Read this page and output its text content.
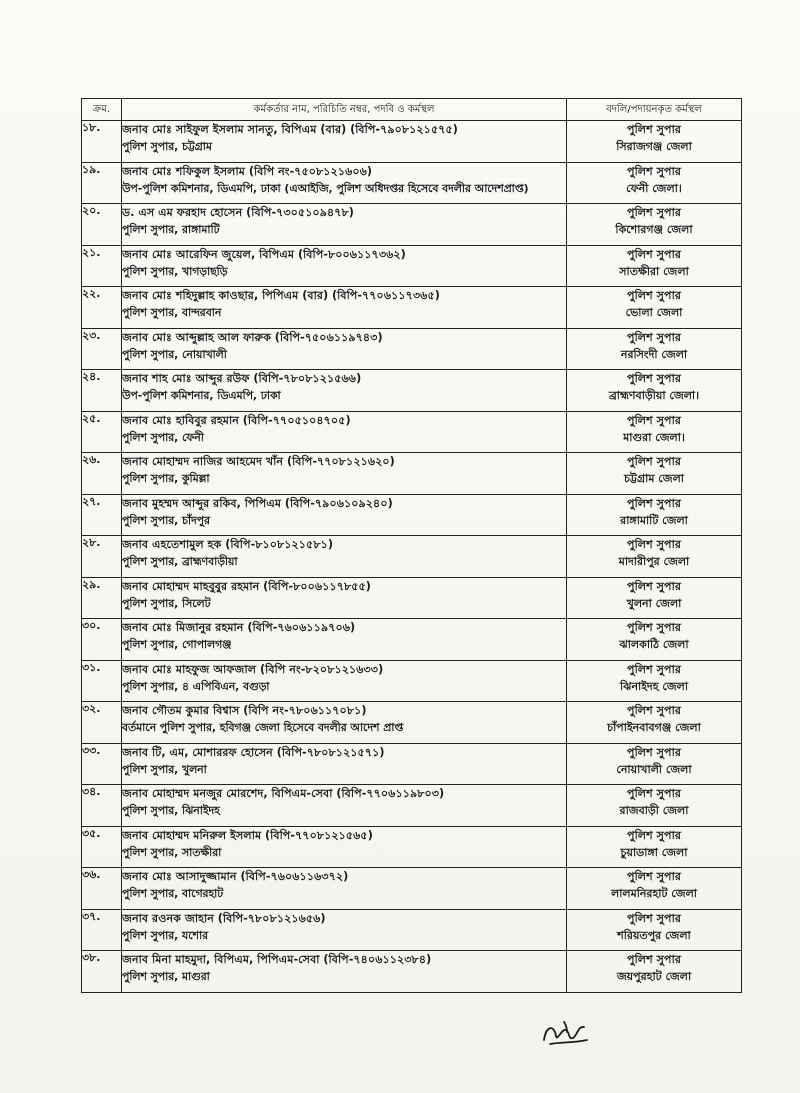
ক্রম.	কর্মকর্তার নাম, পরিচিতি নম্বর, পদবি ও কর্মস্থল	বদলি/পদায়নকৃত কর্মস্থল
১৮.	জনাব মোঃ সাইফুল ইসলাম সানতু, বিপিএম (বার) (বিপি-৭৯০৮১২১৫৭৫)
পুলিশ সুপার, চট্টগ্রাম	পুলিশ সুপার
সিরাজগঞ্জ জেলা

১৯.	জনাব মোঃ শফিকুল ইসলাম (বিপি নং-৭৫০৮১২১৬০৬)
উপ-পুলিশ কমিশনার, ডিএমপি, ঢাকা (এআইজি, পুলিশ অধিদপ্তর হিসেবে বদলীর আদেশপ্রাপ্ত)	পুলিশ সুপার
ফেনী জেলা।

২০.	ড. এস এম ফরহাদ হোসেন (বিপি-৭৩০৫১০৯৪৭৮)
পুলিশ সুপার, রাঙ্গামাটি	পুলিশ সুপার
কিশোরগঞ্জ জেলা

২১.	জনাব মোঃ আরেফিন জুয়েল, বিপিএম (বিপি-৮০০৬১১৭৩৬২)
পুলিশ সুপার, খাগড়াছড়ি	পুলিশ সুপার
সাতক্ষীরা জেলা

২২.	জনাব মোঃ শহিদুল্লাহ কাওছার, পিপিএম (বার) (বিপি-৭৭০৬১১৭৩৬৫)
পুলিশ সুপার, বান্দরবান	পুলিশ সুপার
ভোলা জেলা

২৩.	জনাব মোঃ আব্দুল্লাহ আল ফারুক (বিপি-৭৫০৬১১৯৭৪৩)
পুলিশ সুপার, নোয়াখালী	পুলিশ সুপার
নরসিংদী জেলা

২৪.	জনাব শাহ মোঃ আব্দুর রউফ (বিপি-৭৮০৮১২১৫৬৬)
উপ-পুলিশ কমিশনার, ডিএমপি, ঢাকা	পুলিশ সুপার
ব্রাহ্মণবাড়ীয়া জেলা।

২৫.	জনাব মোঃ হাবিবুর রহমান (বিপি-৭৭০৫১০৪৭০৫)
পুলিশ সুপার, ফেনী	পুলিশ সুপার
মাগুরা জেলা।

২৬.	জনাব মোহাম্মদ নাজির আহমেদ খাঁন (বিপি-৭৭০৮১২১৬২০)
পুলিশ সুপার, কুমিল্লা	পুলিশ সুপার
চট্টগ্রাম জেলা

২৭.	জনাব মুহম্মদ আব্দুর রকিব, পিপিএম (বিপি-৭৯০৬১০৯২৪০)
পুলিশ সুপার, চাঁদপুর	পুলিশ সুপার
রাঙ্গামাটি জেলা

২৮.	জনাব এহতেশামুল হক (বিপি-৮১০৮১২১৫৮১)
পুলিশ সুপার, ব্রাহ্মণবাড়ীয়া	পুলিশ সুপার
মাদারীপুর জেলা

২৯.	জনাব মোহাম্মদ মাহবুবুর রহমান (বিপি-৮০০৬১১৭৮৫৫)
পুলিশ সুপার, সিলেট	পুলিশ সুপার
খুলনা জেলা

৩০.	জনাব মোঃ মিজানুর রহমান (বিপি-৭৬০৬১১৯৭০৬)
পুলিশ সুপার, গোপালগঞ্জ	পুলিশ সুপার
ঝালকাঠি জেলা

৩১.	জনাব মোঃ মাহফুজ আফজাল (বিপি নং-৮২০৮১২১৬৩৩)
পুলিশ সুপার, ৪ এপিবিএন, বগুড়া	পুলিশ সুপার
ঝিনাইদহ জেলা

৩২.	জনাব গৌতম কুমার বিশ্বাস (বিপি নং-৭৮০৬১১৭০৮১)
বর্তমানে পুলিশ সুপার, হবিগঞ্জ জেলা হিসেবে বদলীর আদেশ প্রাপ্ত	পুলিশ সুপার
চাঁপাইনবাবগঞ্জ জেলা

৩৩.	জনাব টি, এম, মোশাররফ হোসেন (বিপি-৭৮০৮১২১৫৭১)
পুলিশ সুপার, খুলনা	পুলিশ সুপার
নোয়াখালী জেলা

৩৪.	জনাব মোহাম্মদ মনজুর মোরশেদ, বিপিএম-সেবা (বিপি-৭৭০৬১১৯৮০৩)
পুলিশ সুপার, ঝিনাইদহ	পুলিশ সুপার
রাজবাড়ী জেলা

৩৫.	জনাব মোহাম্মদ মনিরুল ইসলাম (বিপি-৭৭০৮১২১৫৬৫)
পুলিশ সুপার, সাতক্ষীরা	পুলিশ সুপার
চুয়াডাঙ্গা জেলা

৩৬.	জনাব মোঃ আসাদুজ্জামান (বিপি-৭৬০৬১১৬৩৭২)
পুলিশ সুপার, বাগেরহাট	পুলিশ সুপার
লালমনিরহাট জেলা

৩৭.	জনাব রওনক জাহান (বিপি-৭৮০৮১২১৬৫৬)
পুলিশ সুপার, যশোর	পুলিশ সুপার
শরিয়তপুর জেলা

৩৮.	জনাব মিনা মাহমুদা, বিপিএম, পিপিএম-সেবা (বিপি-৭৪০৬১১২৩৮৪)
পুলিশ সুপার, মাগুরা	পুলিশ সুপার
জয়পুরহাট জেলা
